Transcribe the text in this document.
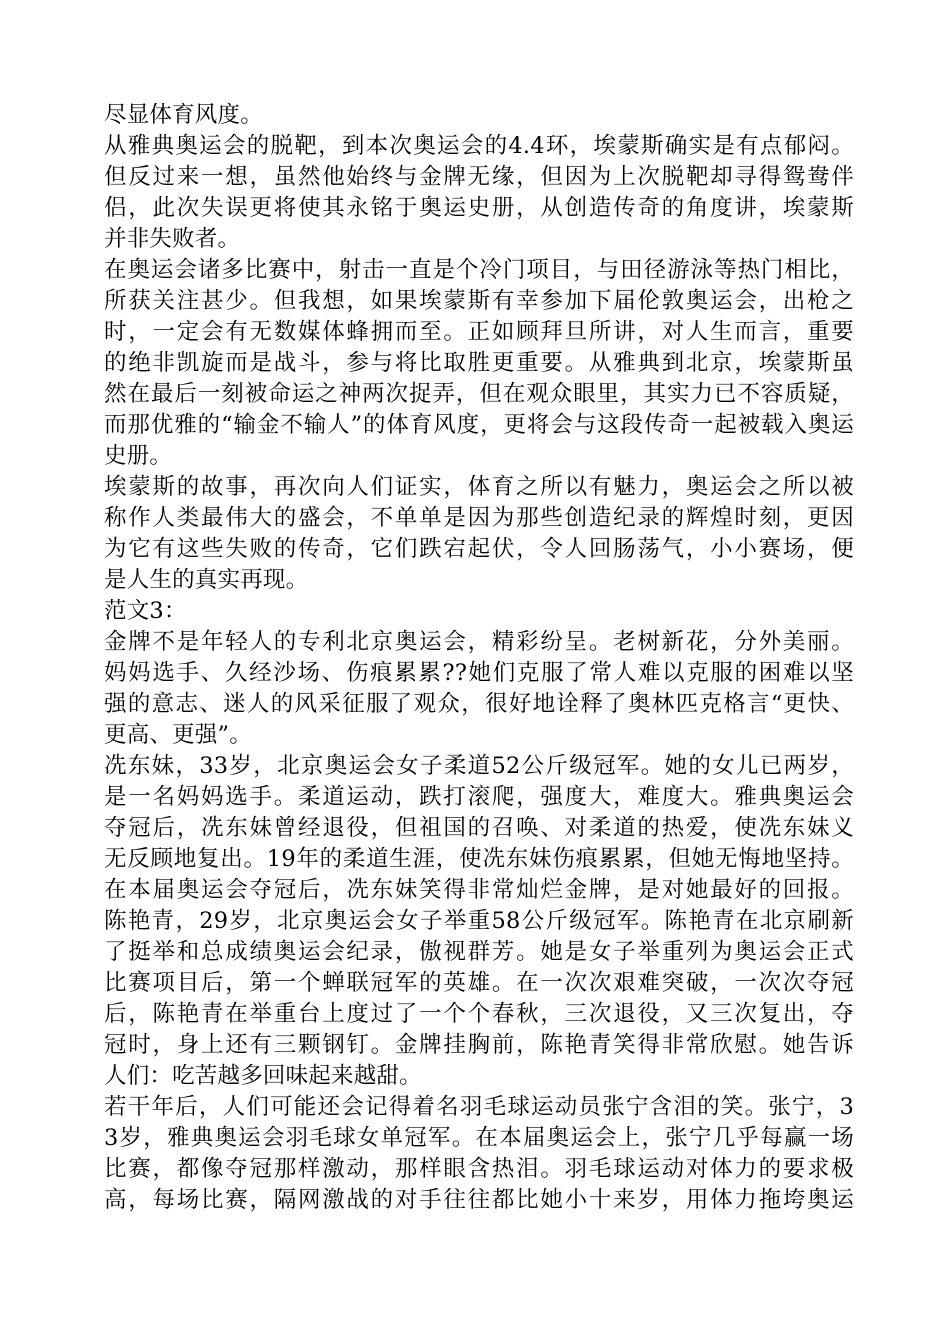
尽显体育风度。
从雅典奥运会的脱靶，到本次奥运会的4.4环，埃蒙斯确实是有点郁闷。
但反过来一想，虽然他始终与金牌无缘，但因为上次脱靶却寻得鸳鸯伴
侣，此次失误更将使其永铭于奥运史册，从创造传奇的角度讲，埃蒙斯
并非失败者。
在奥运会诸多比赛中，射击一直是个冷门项目，与田径游泳等热门相比，
所获关注甚少。但我想，如果埃蒙斯有幸参加下届伦敦奥运会，出枪之
时，一定会有无数媒体蜂拥而至。正如顾拜旦所讲，对人生而言，重要
的绝非凯旋而是战斗，参与将比取胜更重要。从雅典到北京，埃蒙斯虽
然在最后一刻被命运之神两次捉弄，但在观众眼里，其实力已不容质疑，
而那优雅的“输金不输人”的体育风度，更将会与这段传奇一起被载入奥运
史册。
埃蒙斯的故事，再次向人们证实，体育之所以有魅力，奥运会之所以被
称作人类最伟大的盛会，不单单是因为那些创造纪录的辉煌时刻，更因
为它有这些失败的传奇，它们跌宕起伏，令人回肠荡气，小小赛场，便
是人生的真实再现。
范文3：
金牌不是年轻人的专利北京奥运会，精彩纷呈。老树新花，分外美丽。
妈妈选手、久经沙场、伤痕累累??她们克服了常人难以克服的困难以坚
强的意志、迷人的风采征服了观众，很好地诠释了奥林匹克格言“更快、
更高、更强”。
冼东妹，33岁，北京奥运会女子柔道52公斤级冠军。她的女儿已两岁，
是一名妈妈选手。柔道运动，跌打滚爬，强度大，难度大。雅典奥运会
夺冠后，冼东妹曾经退役，但祖国的召唤、对柔道的热爱，使冼东妹义
无反顾地复出。19年的柔道生涯，使冼东妹伤痕累累，但她无悔地坚持。
在本届奥运会夺冠后，冼东妹笑得非常灿烂金牌，是对她最好的回报。
陈艳青，29岁，北京奥运会女子举重58公斤级冠军。陈艳青在北京刷新
了挺举和总成绩奥运会纪录，傲视群芳。她是女子举重列为奥运会正式
比赛项目后，第一个蝉联冠军的英雄。在一次次艰难突破，一次次夺冠
后，陈艳青在举重台上度过了一个个春秋，三次退役，又三次复出，夺
冠时，身上还有三颗钢钉。金牌挂胸前，陈艳青笑得非常欣慰。她告诉
人们：吃苦越多回味起来越甜。
若干年后，人们可能还会记得着名羽毛球运动员张宁含泪的笑。张宁，3
3岁，雅典奥运会羽毛球女单冠军。在本届奥运会上，张宁几乎每赢一场
比赛，都像夺冠那样激动，那样眼含热泪。羽毛球运动对体力的要求极
高，每场比赛，隔网激战的对手往往都比她小十来岁，用体力拖垮奥运
